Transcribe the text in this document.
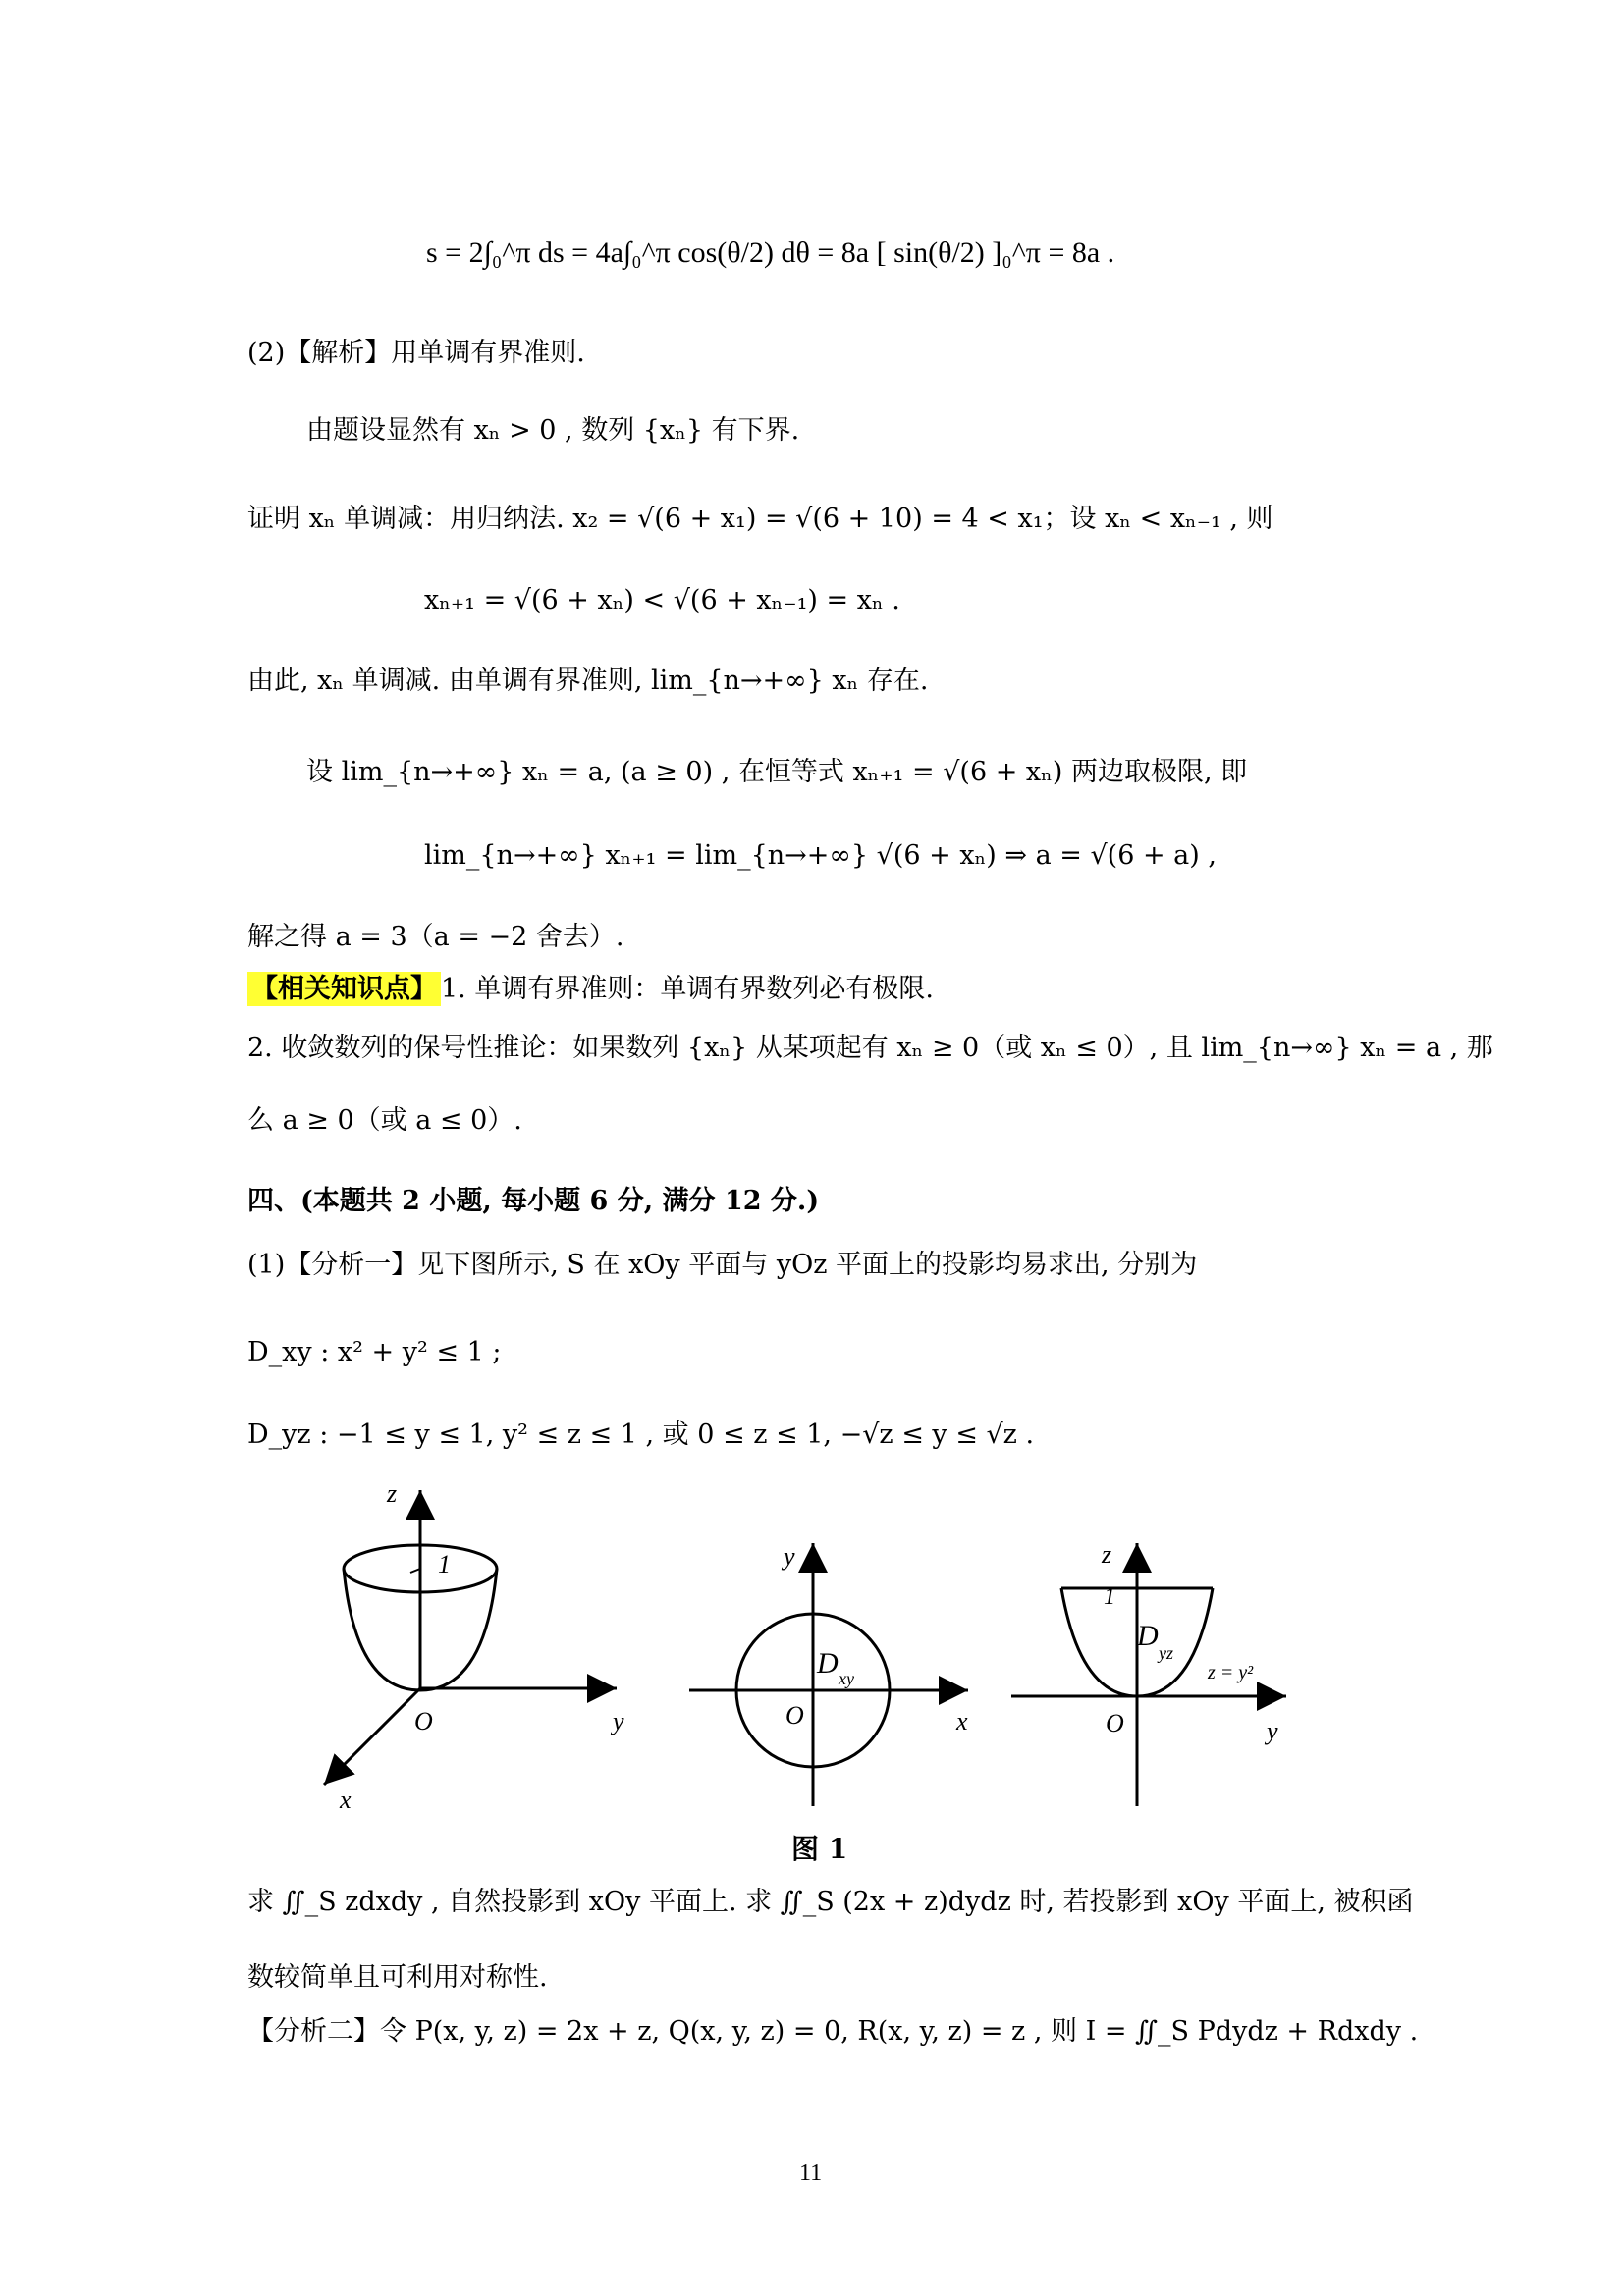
s = 2∫₀^π ds = 4a∫₀^π cos(θ/2) dθ = 8a [ sin(θ/2) ]₀^π = 8a .
(2)【解析】用单调有界准则.
由题设显然有 xₙ > 0 , 数列 {xₙ} 有下界.
证明 xₙ 单调减：用归纳法. x₂ = √(6 + x₁) = √(6 + 10) = 4 < x₁；设 xₙ < xₙ₋₁ , 则
xₙ₊₁ = √(6 + xₙ) < √(6 + xₙ₋₁) = xₙ .
由此, xₙ 单调减. 由单调有界准则, lim_{n→+∞} xₙ 存在.
设 lim_{n→+∞} xₙ = a, (a ≥ 0) , 在恒等式 xₙ₊₁ = √(6 + xₙ) 两边取极限, 即
lim_{n→+∞} xₙ₊₁ = lim_{n→+∞} √(6 + xₙ) ⇒ a = √(6 + a) ,
解之得 a = 3（a = −2 舍去）.
【相关知识点】 1. 单调有界准则：单调有界数列必有极限.
2. 收敛数列的保号性推论：如果数列 {xₙ} 从某项起有 xₙ ≥ 0（或 xₙ ≤ 0）, 且 lim_{n→∞} xₙ = a , 那
么 a ≥ 0（或 a ≤ 0）.
四、(本题共 2 小题, 每小题 6 分, 满分 12 分.)
(1)【分析一】见下图所示, S 在 xOy 平面与 yOz 平面上的投影均易求出, 分别为
D_xy : x² + y² ≤ 1 ;
D_yz : −1 ≤ y ≤ 1, y² ≤ z ≤ 1 , 或 0 ≤ z ≤ 1, −√z ≤ y ≤ √z .
z
1
O	y
x
y
x
O
D xy
z
1
O	y
D
yz
z = y²
图 1
求 ∬_S zdxdy , 自然投影到 xOy 平面上. 求 ∬_S (2x + z)dydz 时, 若投影到 xOy 平面上, 被积函
数较简单且可利用对称性.
【分析二】令 P(x, y, z) = 2x + z, Q(x, y, z) = 0, R(x, y, z) = z , 则 I = ∬_S Pdydz + Rdxdy .
11
